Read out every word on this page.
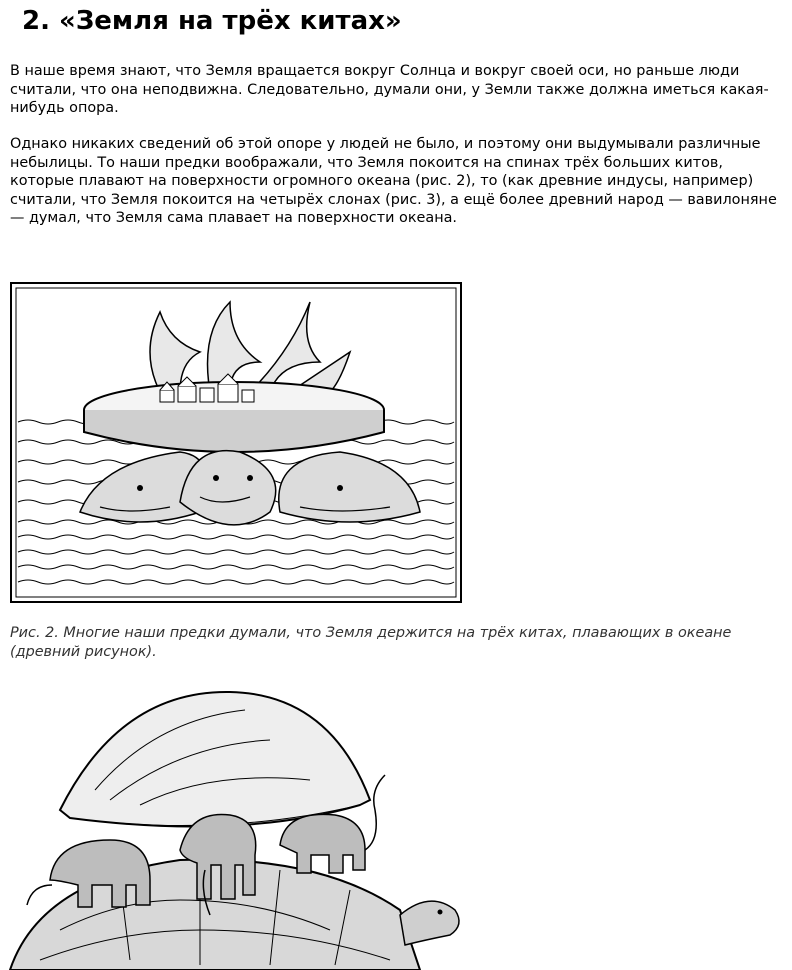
2. «Земля на трёх китах»

В наше время знают, что Земля вращается вокруг Солнца и вокруг своей оси, но раньше люди считали, что она неподвижна. Следовательно, думали они, у Земли также должна иметься какая-нибудь опора.

Однако никаких сведений об этой опоре у людей не было, и поэтому они выдумывали различные небылицы. То наши предки воображали, что Земля покоится на спинах трёх больших китов, которые плавают на поверхности огромного океана (рис. 2), то (как древние индусы, например) считали, что Земля покоится на четырёх слонах (рис. 3), а ещё более древний народ — вавилоняне — думал, что Земля сама плавает на поверхности океана.

Рис. 2. Многие наши предки думали, что Земля держится на трёх китах, плавающих в океане (древний рисунок).
